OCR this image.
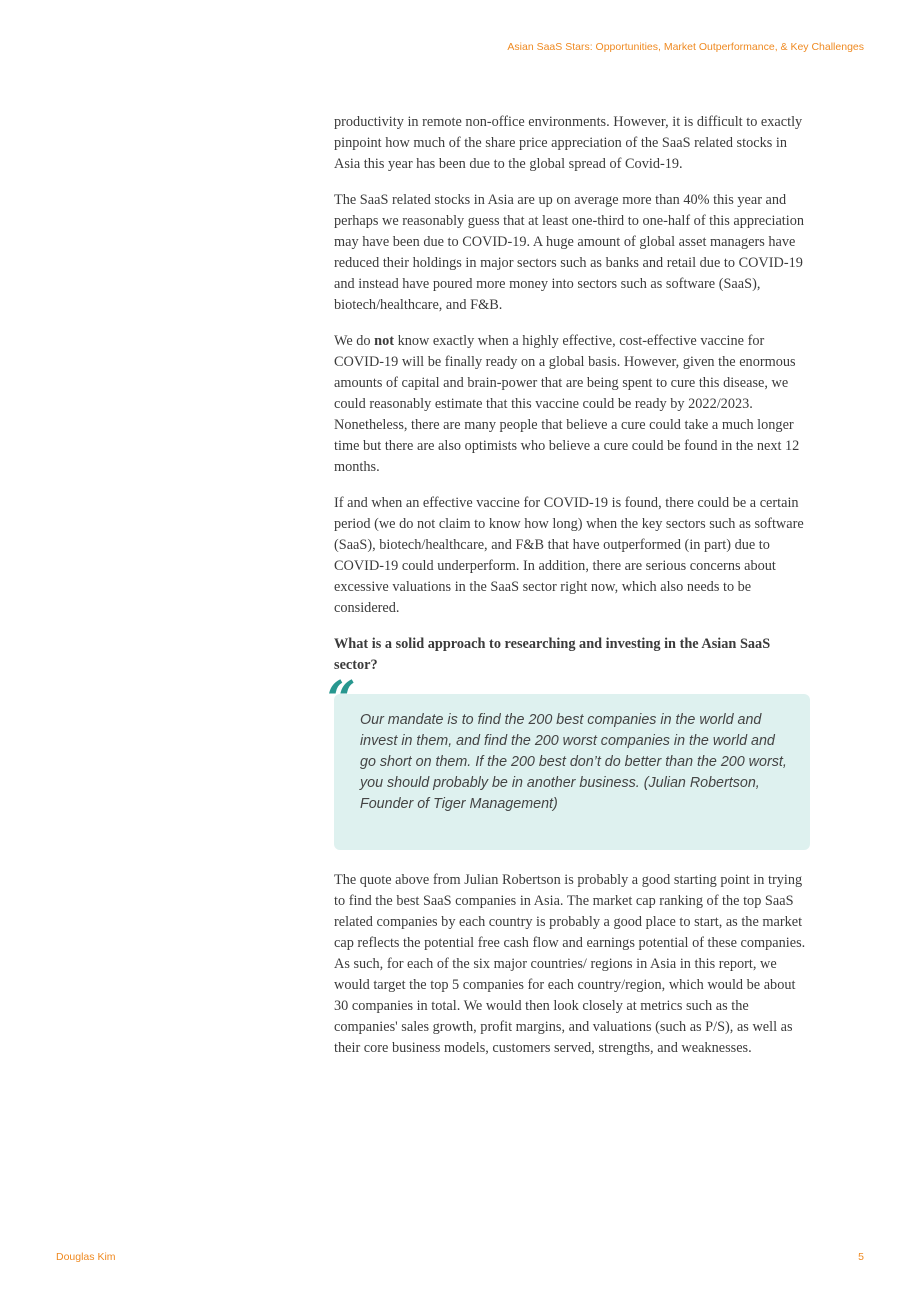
Asian SaaS Stars: Opportunities, Market Outperformance, & Key Challenges

productivity in remote non-office environments. However, it is difficult to exactly pinpoint how much of the share price appreciation of the SaaS related stocks in Asia this year has been due to the global spread of Covid-19.

The SaaS related stocks in Asia are up on average more than 40% this year and perhaps we reasonably guess that at least one-third to one-half of this appreciation may have been due to COVID-19. A huge amount of global asset managers have reduced their holdings in major sectors such as banks and retail due to COVID-19 and instead have poured more money into sectors such as software (SaaS), biotech/healthcare, and F&B.

We do not know exactly when a highly effective, cost-effective vaccine for COVID-19 will be finally ready on a global basis. However, given the enormous amounts of capital and brain-power that are being spent to cure this disease, we could reasonably estimate that this vaccine could be ready by 2022/2023. Nonetheless, there are many people that believe a cure could take a much longer time but there are also optimists who believe a cure could be found in the next 12 months.

If and when an effective vaccine for COVID-19 is found, there could be a certain period (we do not claim to know how long) when the key sectors such as software (SaaS), biotech/healthcare, and F&B that have outperformed (in part) due to COVID-19 could underperform. In addition, there are serious concerns about excessive valuations in the SaaS sector right now, which also needs to be considered.

What is a solid approach to researching and investing in the Asian SaaS sector?
“ Our mandate is to find the 200 best companies in the world and invest in them, and find the 200 worst companies in the world and go short on them. If the 200 best don’t do better than the 200 worst, you should probably be in another business. (Julian Robertson, Founder of Tiger Management)

The quote above from Julian Robertson is probably a good starting point in trying to find the best SaaS companies in Asia. The market cap ranking of the top SaaS related companies by each country is probably a good place to start, as the market cap reflects the potential free cash flow and earnings potential of these companies. As such, for each of the six major countries/ regions in Asia in this report, we would target the top 5 companies for each country/region, which would be about 30 companies in total. We would then look closely at metrics such as the companies' sales growth, profit margins, and valuations (such as P/S), as well as their core business models, customers served, strengths, and weaknesses.

Douglas Kim	5
